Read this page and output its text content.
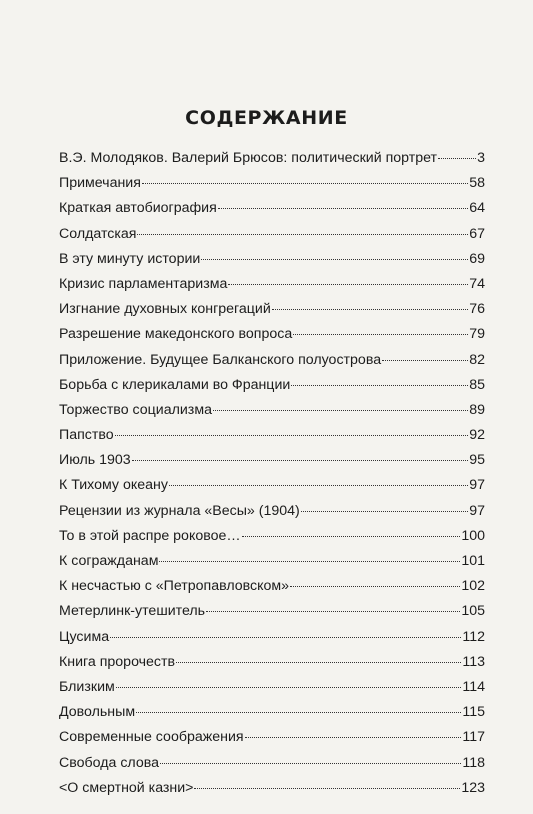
СОДЕРЖАНИЕ
В.Э. Молодяков. Валерий Брюсов: политический портрет	3
Примечания	58
Краткая автобиография	64
Солдатская	67
В эту минуту истории	69
Кризис парламентаризма	74
Изгнание духовных конгрегаций	76
Разрешение македонского вопроса	79
Приложение. Будущее Балканского полуострова	82
Борьба с клерикалами во Франции	85
Торжество социализма	89
Папство	92
Июль 1903	95
К Тихому океану	97
Рецензии из журнала «Весы» (1904)	97
То в этой распре роковое…	100
К согражданам	101
К несчастью с «Петропавловском»	102
Метерлинк-утешитель	105
Цусима	112
Книга пророчеств	113
Близким	114
Довольным	115
Современные соображения	117
Свобода слова	118
<О смертной казни>	123
